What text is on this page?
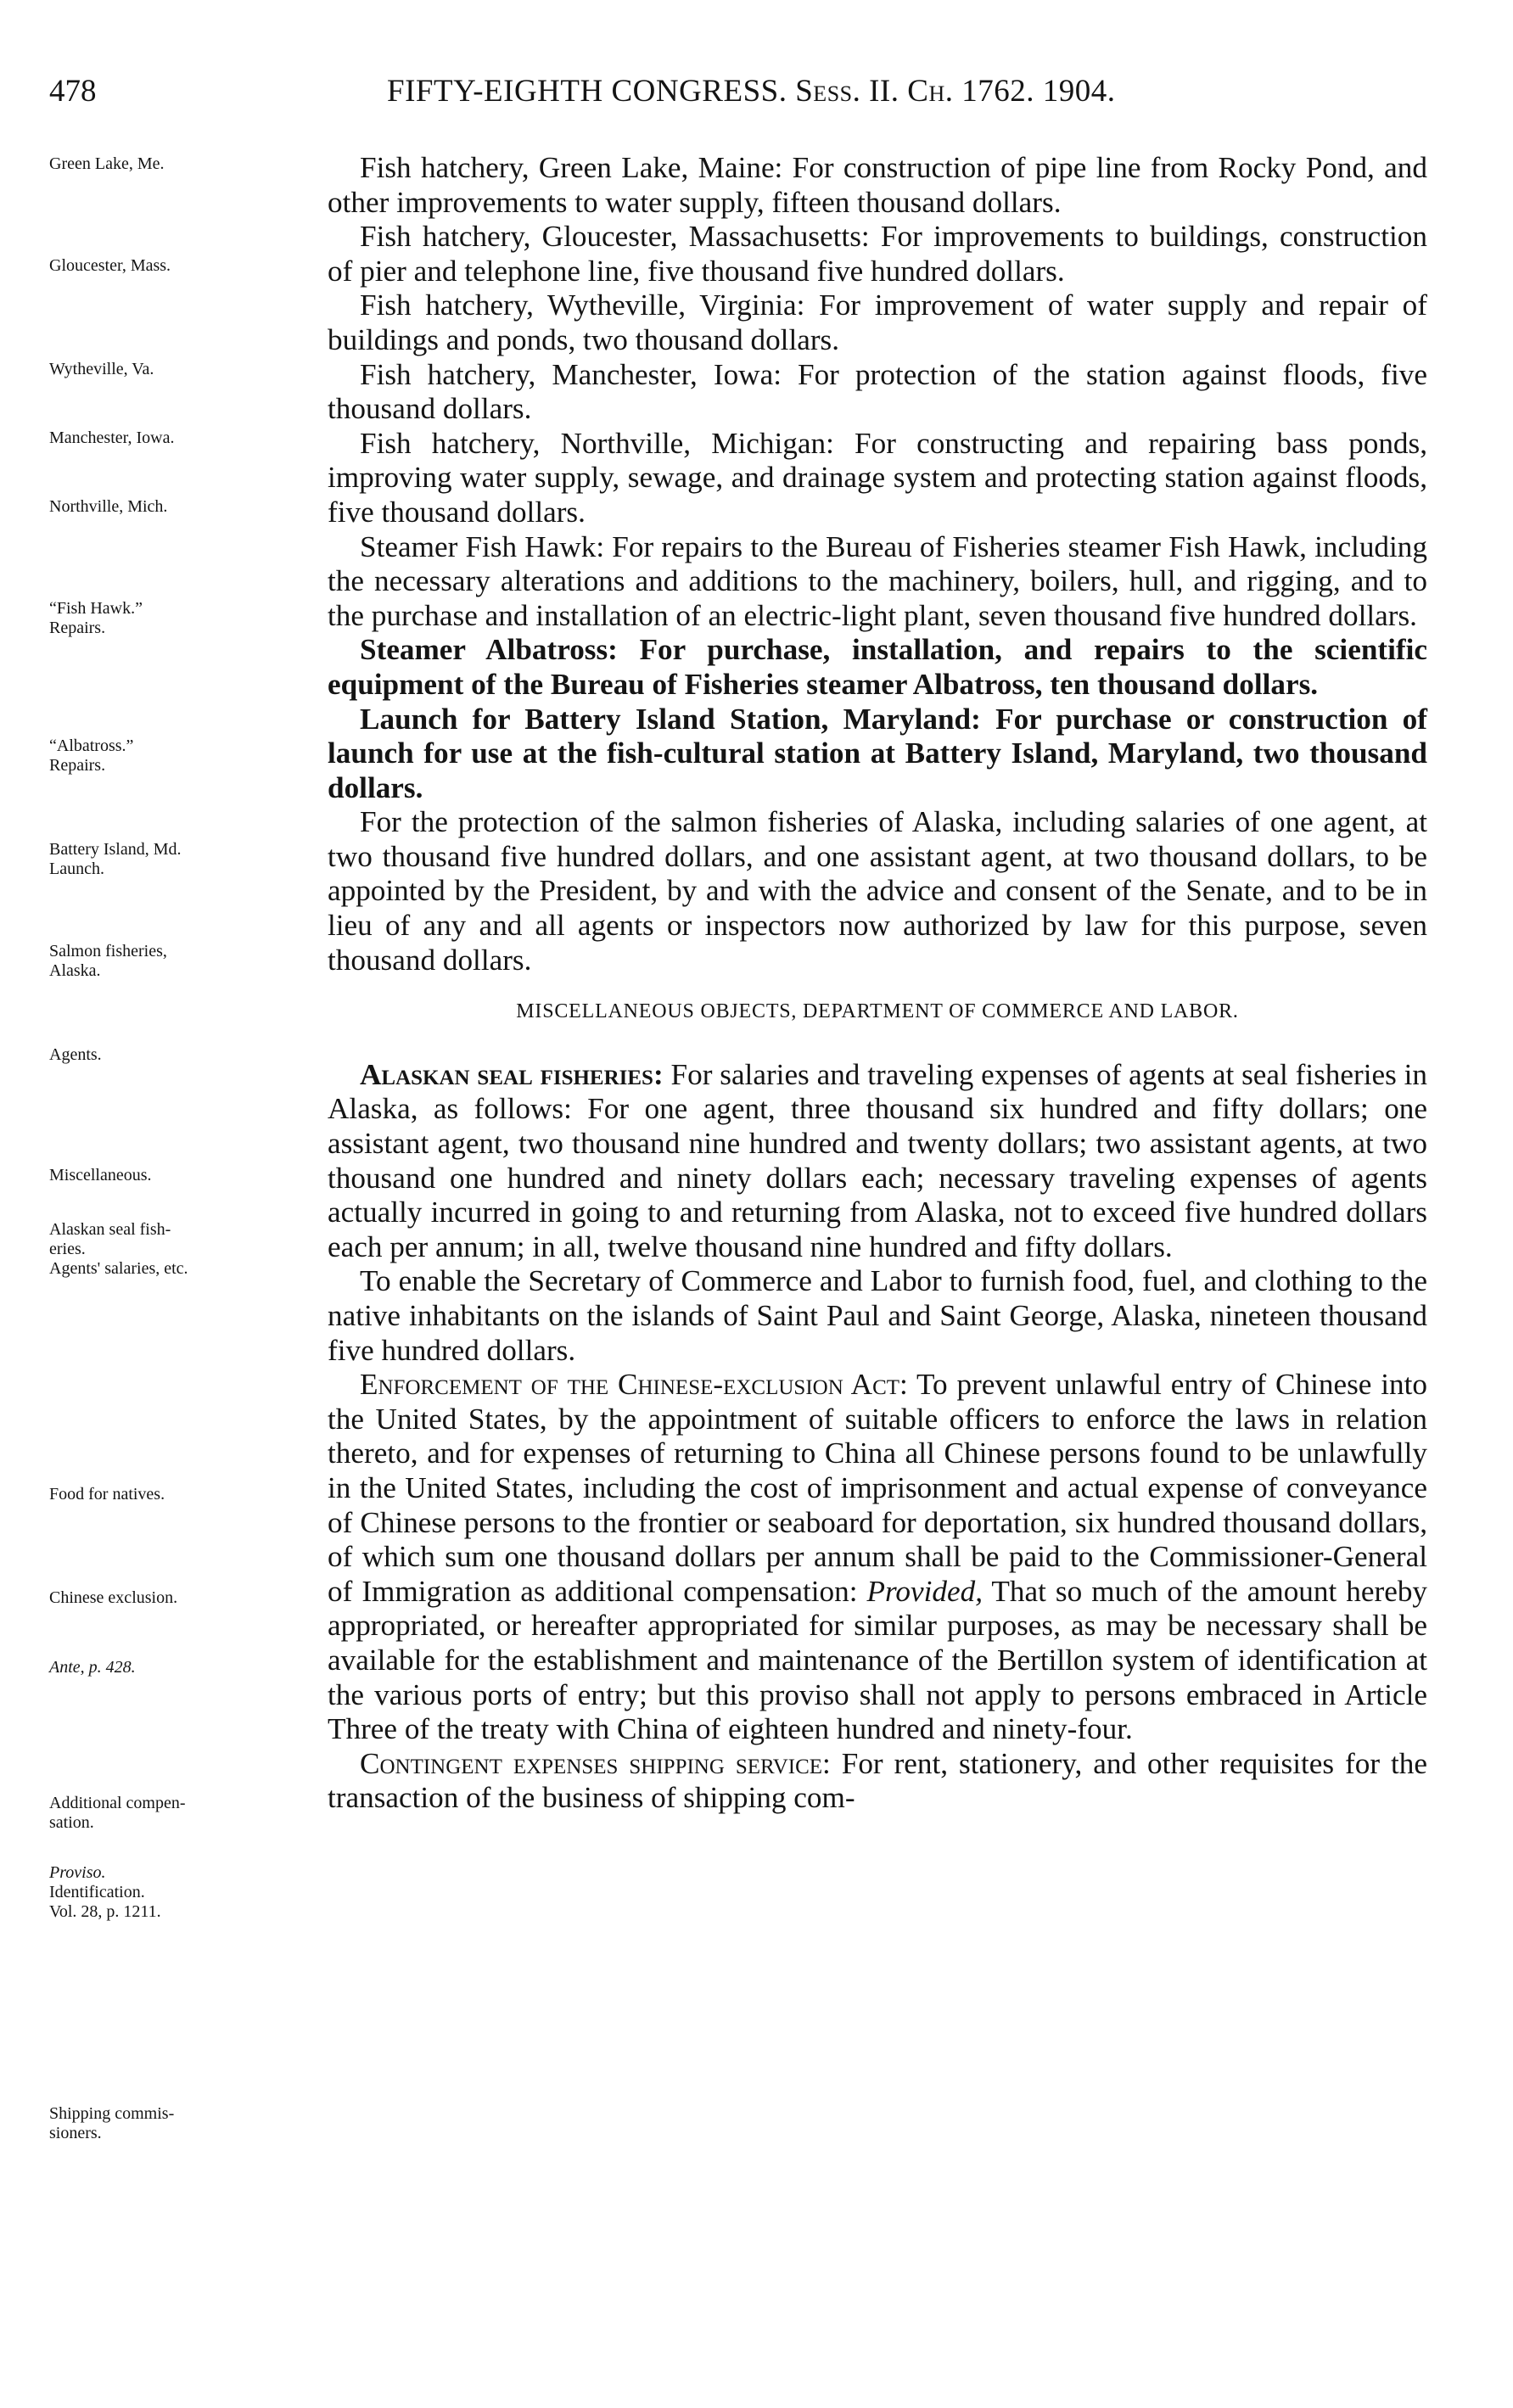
478	FIFTY-EIGHTH CONGRESS. Sess. II. Ch. 1762. 1904.
Green Lake, Me.
Gloucester, Mass.
Wytheville, Va.
Manchester, Iowa.
Northville, Mich.
“Fish Hawk.”
Repairs.
“Albatross.”
Repairs.
Battery Island, Md.
Launch.
Salmon fisheries,
Alaska.
Agents.
Miscellaneous.
Alaskan seal fish-
eries.
Agents' salaries, etc.
Food for natives.
Chinese exclusion.
Ante, p. 428.
Additional compen-
sation.
Proviso.
Identification.
Vol. 28, p. 1211.
Shipping commis-
sioners.

Fish hatchery, Green Lake, Maine: For construction of pipe line from Rocky Pond, and other improvements to water supply, fifteen thousand dollars.

Fish hatchery, Gloucester, Massachusetts: For improvements to buildings, construction of pier and telephone line, five thousand five hundred dollars.

Fish hatchery, Wytheville, Virginia: For improvement of water supply and repair of buildings and ponds, two thousand dollars.

Fish hatchery, Manchester, Iowa: For protection of the station against floods, five thousand dollars.

Fish hatchery, Northville, Michigan: For constructing and repairing bass ponds, improving water supply, sewage, and drainage system and protecting station against floods, five thousand dollars.

Steamer Fish Hawk: For repairs to the Bureau of Fisheries steamer Fish Hawk, including the necessary alterations and additions to the machinery, boilers, hull, and rigging, and to the purchase and installation of an electric-light plant, seven thousand five hundred dollars.

Steamer Albatross: For purchase, installation, and repairs to the scientific equipment of the Bureau of Fisheries steamer Albatross, ten thousand dollars.

Launch for Battery Island Station, Maryland: For purchase or construction of launch for use at the fish-cultural station at Battery Island, Maryland, two thousand dollars.

For the protection of the salmon fisheries of Alaska, including salaries of one agent, at two thousand five hundred dollars, and one assistant agent, at two thousand dollars, to be appointed by the President, by and with the advice and consent of the Senate, and to be in lieu of any and all agents or inspectors now authorized by law for this purpose, seven thousand dollars.

MISCELLANEOUS OBJECTS, DEPARTMENT OF COMMERCE AND LABOR.

Alaskan seal fisheries: For salaries and traveling expenses of agents at seal fisheries in Alaska, as follows: For one agent, three thousand six hundred and fifty dollars; one assistant agent, two thousand nine hundred and twenty dollars; two assistant agents, at two thousand one hundred and ninety dollars each; necessary traveling expenses of agents actually incurred in going to and returning from Alaska, not to exceed five hundred dollars each per annum; in all, twelve thousand nine hundred and fifty dollars.

To enable the Secretary of Commerce and Labor to furnish food, fuel, and clothing to the native inhabitants on the islands of Saint Paul and Saint George, Alaska, nineteen thousand five hundred dollars.

Enforcement of the Chinese-exclusion Act: To prevent unlawful entry of Chinese into the United States, by the appointment of suitable officers to enforce the laws in relation thereto, and for expenses of returning to China all Chinese persons found to be unlawfully in the United States, including the cost of imprisonment and actual expense of conveyance of Chinese persons to the frontier or seaboard for deportation, six hundred thousand dollars, of which sum one thousand dollars per annum shall be paid to the Commissioner-General of Immigration as additional compensation: Provided, That so much of the amount hereby appropriated, or hereafter appropriated for similar purposes, as may be necessary shall be available for the establishment and maintenance of the Bertillon system of identification at the various ports of entry; but this proviso shall not apply to persons embraced in Article Three of the treaty with China of eighteen hundred and ninety-four.

Contingent expenses shipping service: For rent, stationery, and other requisites for the transaction of the business of shipping com-
